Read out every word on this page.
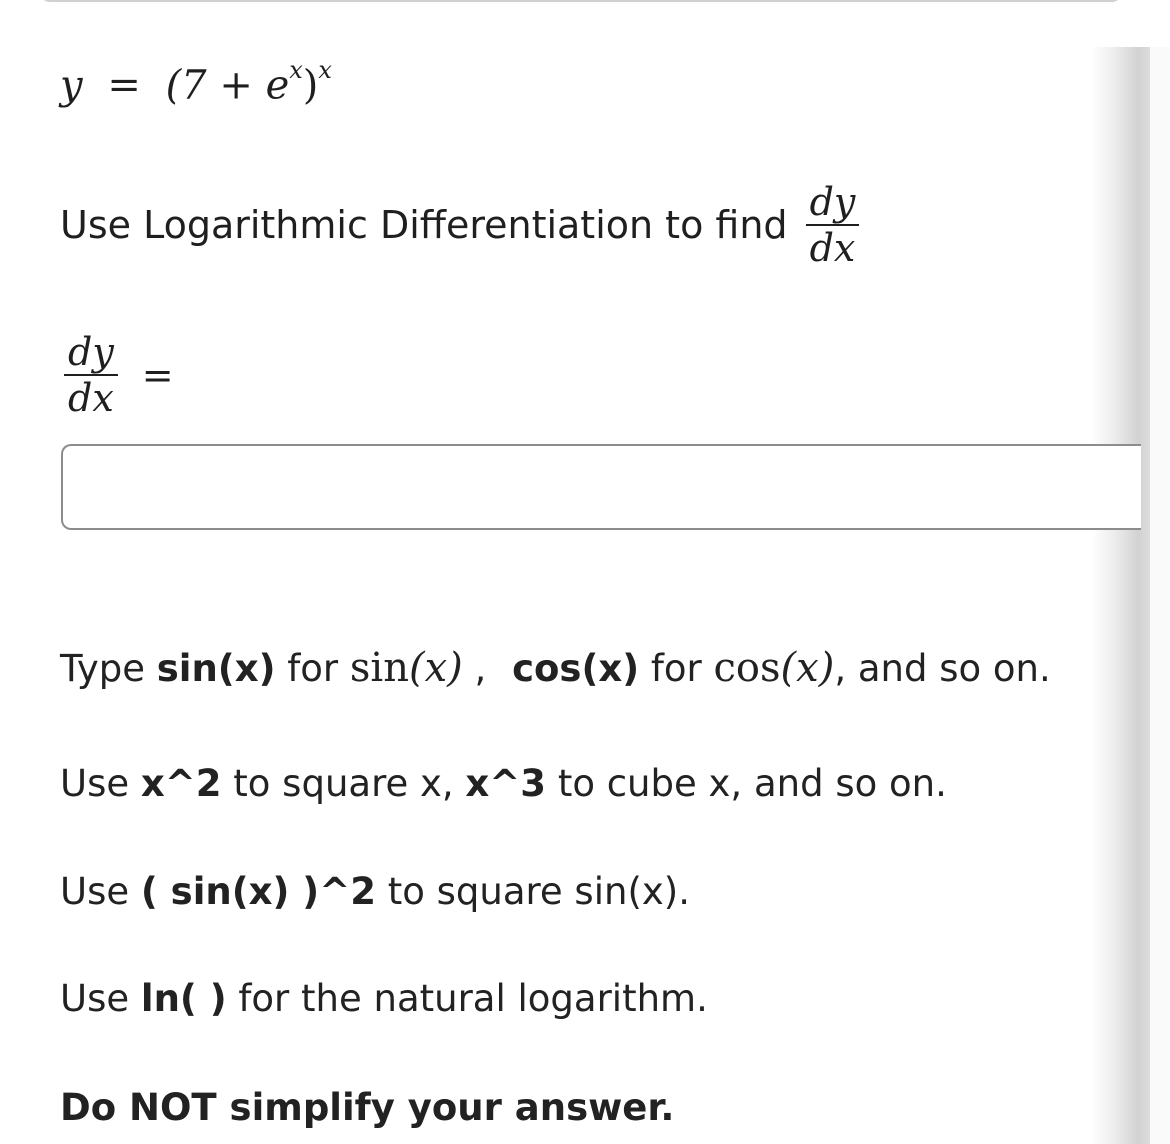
$y = (7 + e^x)^x$
Use Logarithmic Differentiation to find $\frac{dy}{dx}$
$\frac{dy}{dx}$ =
Type sin(x) for sin(x) , cos(x) for cos(x), and so on.
Use x^2 to square x, x^3 to cube x, and so on.
Use ( sin(x) )^2 to square sin(x).
Use ln( ) for the natural logarithm.
Do NOT simplify your answer.
